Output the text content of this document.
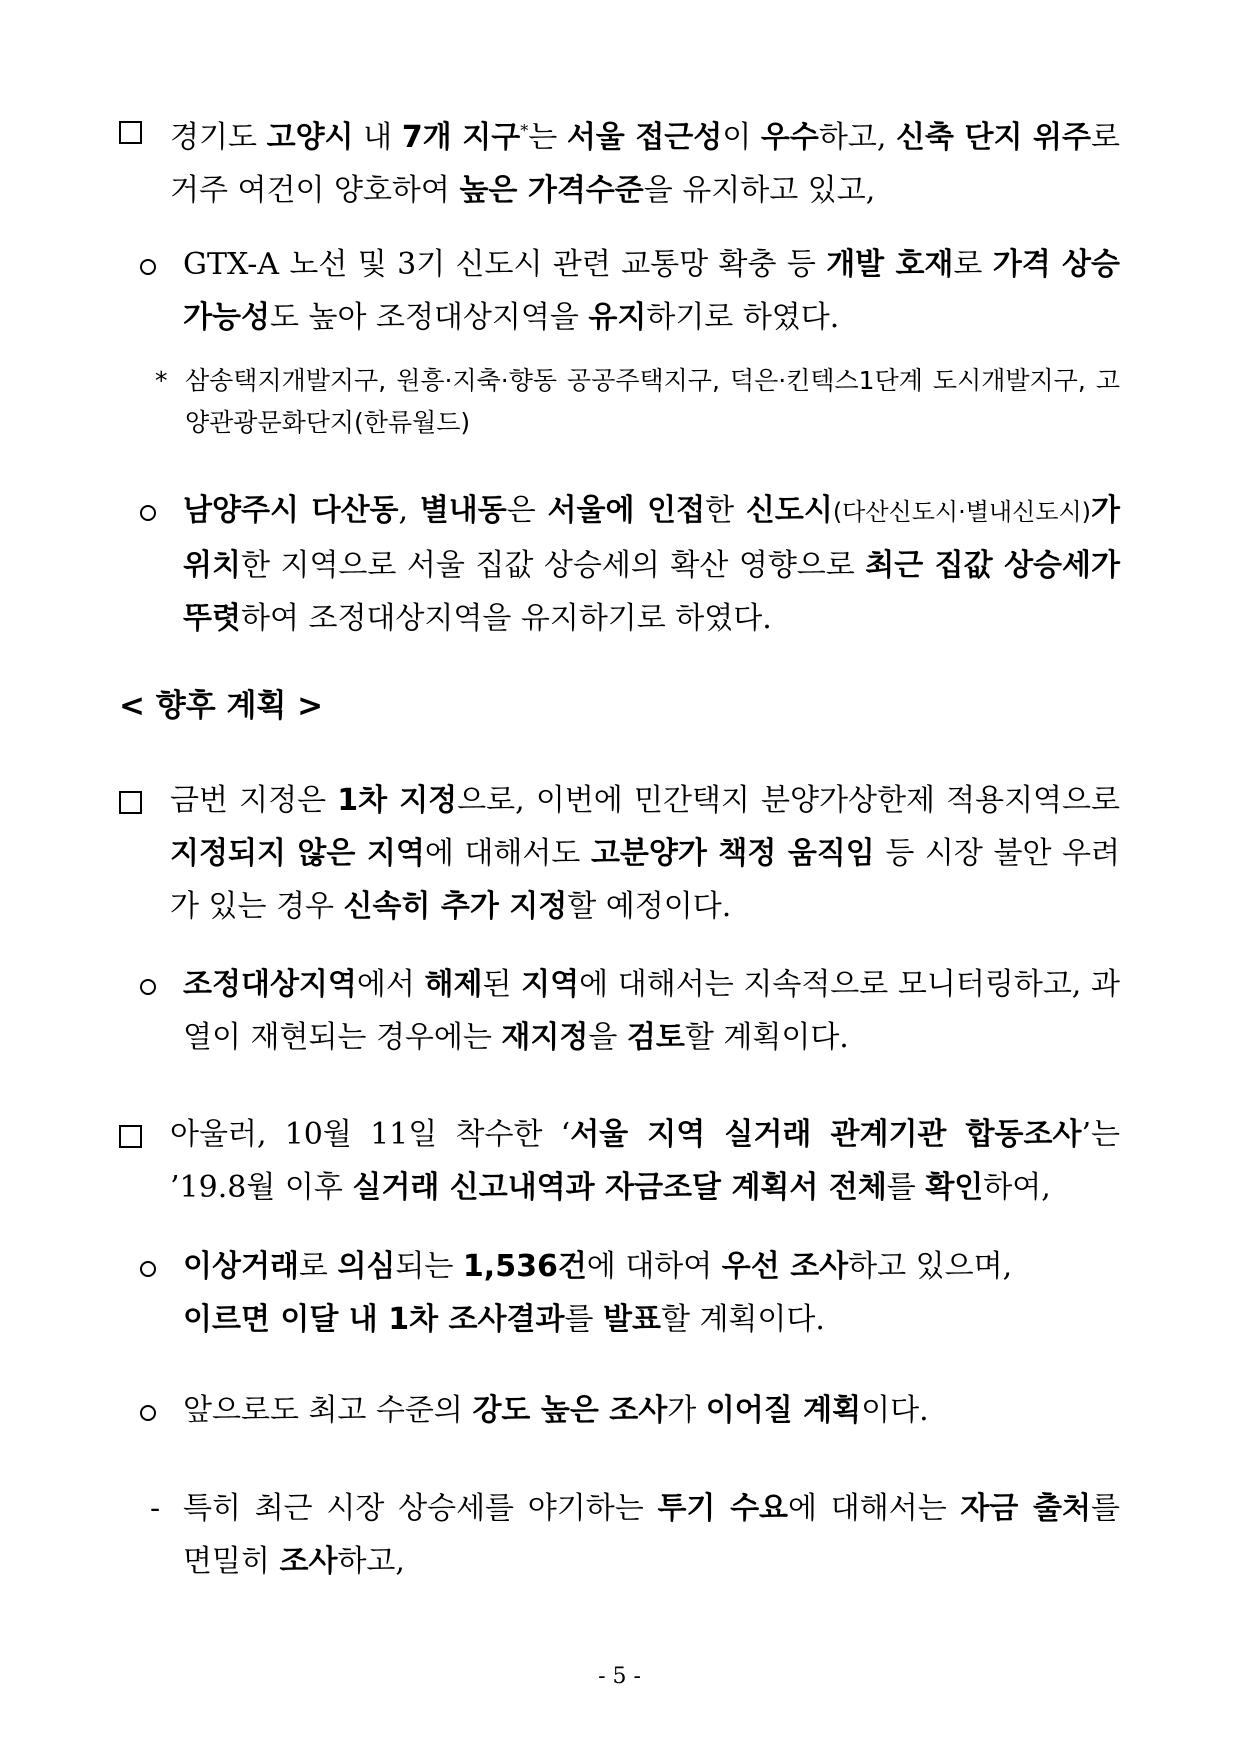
경기도 고양시 내 7개 지구*는 서울 접근성이 우수하고, 신축 단지 위주로 거주 여건이 양호하여 높은 가격수준을 유지하고 있고,
GTX-A 노선 및 3기 신도시 관련 교통망 확충 등 개발 호재로 가격 상승 가능성도 높아 조정대상지역을 유지하기로 하였다.
* 삼송택지개발지구, 원흥·지축·향동 공공주택지구, 덕은·킨텍스1단계 도시개발지구, 고양관광문화단지(한류월드)
남양주시 다산동, 별내동은 서울에 인접한 신도시(다산신도시·별내신도시)가 위치한 지역으로 서울 집값 상승세의 확산 영향으로 최근 집값 상승세가 뚜렷하여 조정대상지역을 유지하기로 하였다.
< 향후 계획 >
금번 지정은 1차 지정으로, 이번에 민간택지 분양가상한제 적용지역으로 지정되지 않은 지역에 대해서도 고분양가 책정 움직임 등 시장 불안 우려가 있는 경우 신속히 추가 지정할 예정이다.
조정대상지역에서 해제된 지역에 대해서는 지속적으로 모니터링하고, 과열이 재현되는 경우에는 재지정을 검토할 계획이다.
아울러, 10월 11일 착수한 ‘서울 지역 실거래 관계기관 합동조사’는 ’19.8월 이후 실거래 신고내역과 자금조달 계획서 전체를 확인하여,
이상거래로 의심되는 1,536건에 대하여 우선 조사하고 있으며,
이르면 이달 내 1차 조사결과를 발표할 계획이다.
앞으로도 최고 수준의 강도 높은 조사가 이어질 계획이다.
- 특히 최근 시장 상승세를 야기하는 투기 수요에 대해서는 자금 출처를 면밀히 조사하고,
- 5 -
